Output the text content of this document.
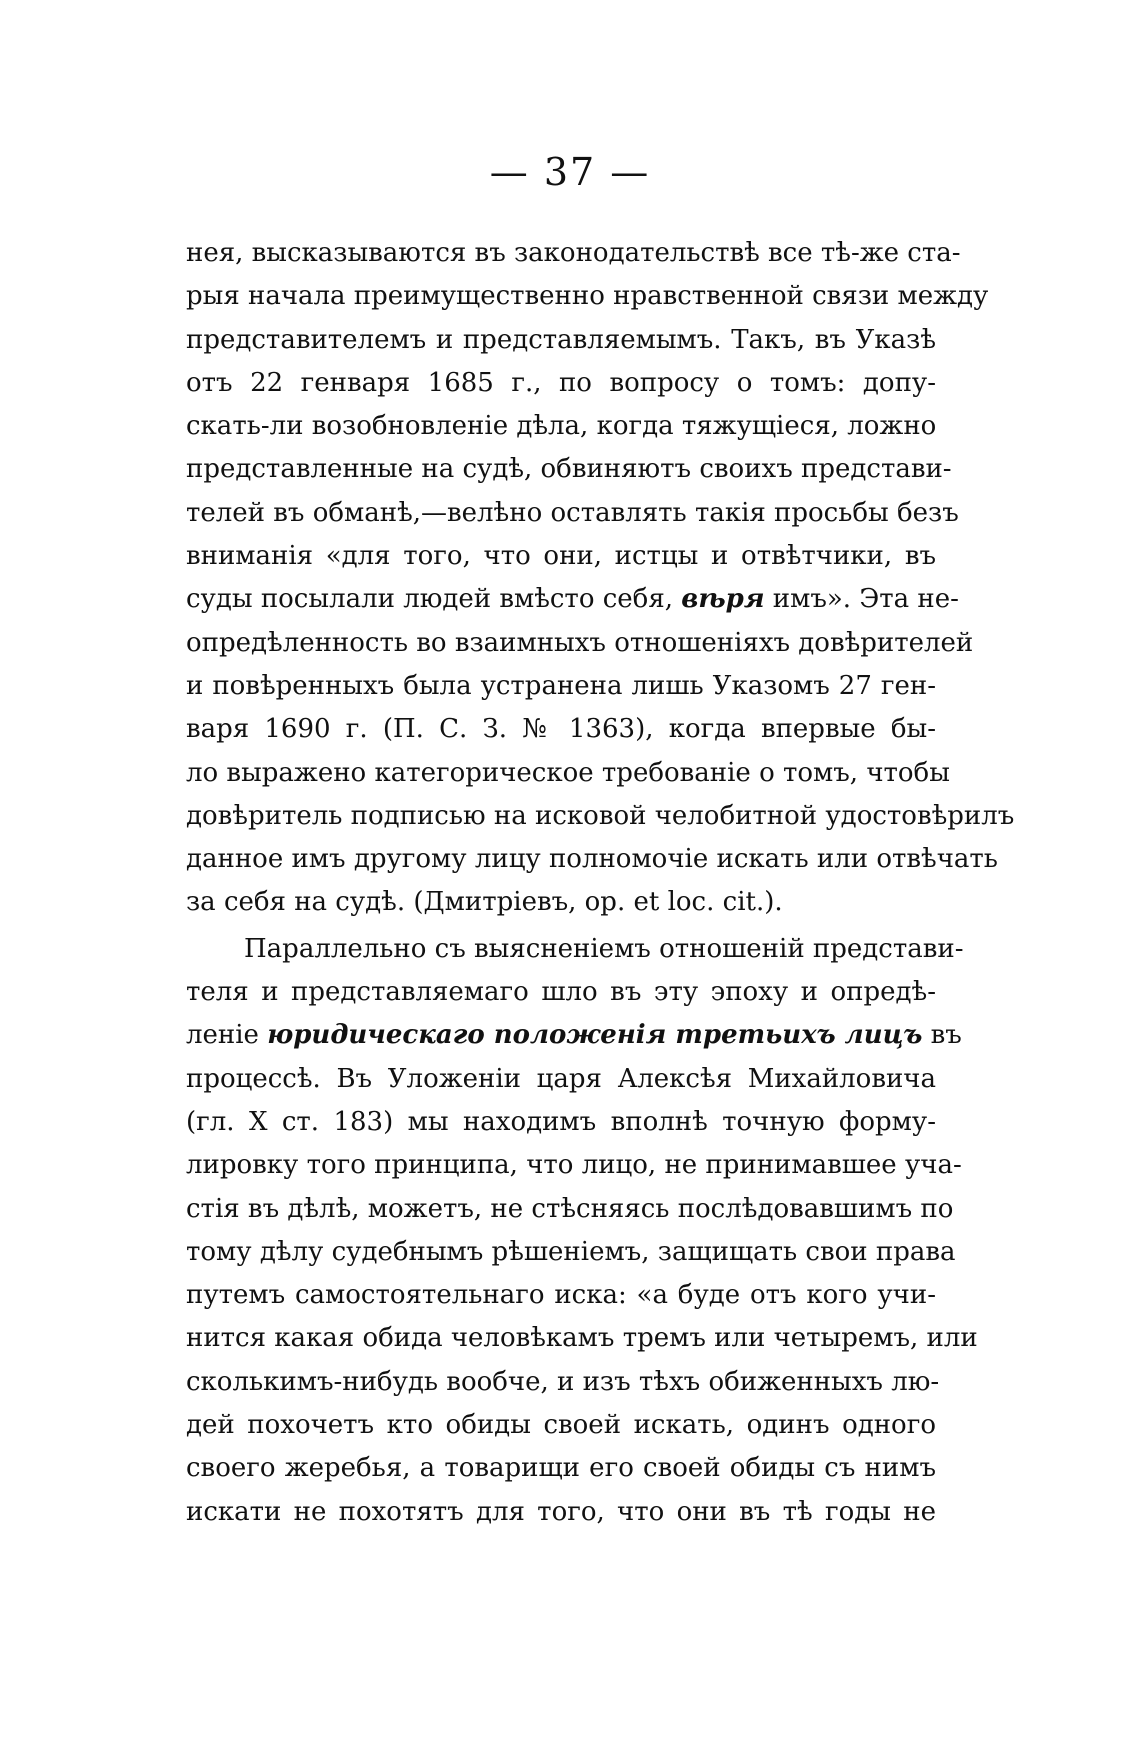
— 37 —
нея, высказываются въ законодательствѣ все тѣ-же ста-
рыя начала преимущественно нравственной связи между
представителемъ и представляемымъ. Такъ, въ Указѣ
отъ 22 генваря 1685 г., по вопросу о томъ: допу-
скать-ли возобновленіе дѣла, когда тяжущіеся, ложно
представленные на судѣ, обвиняютъ своихъ представи-
телей въ обманѣ,—велѣно оставлять такія просьбы безъ
вниманія «для того, что они, истцы и отвѣтчики, въ
суды посылали людей вмѣсто себя, вѣря имъ». Эта не-
опредѣленность во взаимныхъ отношеніяхъ довѣрителей
и повѣренныхъ была устранена лишь Указомъ 27 ген-
варя 1690 г. (П. С. З. № 1363), когда впервые бы-
ло выражено категорическое требованіе о томъ, чтобы
довѣритель подписью на исковой челобитной удостовѣрилъ
данное имъ другому лицу полномочіе искать или отвѣчать
за себя на судѣ. (Дмитріевъ, op. et loc. cit.).
Параллельно съ выясненіемъ отношеній представи-
теля и представляемаго шло въ эту эпоху и опредѣ-
леніе юридическаго положенія третьихъ лицъ въ
процессѣ. Въ Уложеніи царя Алексѣя Михайловича
(гл. X ст. 183) мы находимъ вполнѣ точную форму-
лировку того принципа, что лицо, не принимавшее уча-
стія въ дѣлѣ, можетъ, не стѣсняясь послѣдовавшимъ по
тому дѣлу судебнымъ рѣшеніемъ, защищать свои права
путемъ самостоятельнаго иска: «а буде отъ кого учи-
нится какая обида человѣкамъ тремъ или четыремъ, или
сколькимъ-нибудь вообче, и изъ тѣхъ обиженныхъ лю-
дей похочетъ кто обиды своей искать, одинъ одного
своего жеребья, а товарищи его своей обиды съ нимъ
искати не похотятъ для того, что они въ тѣ годы не
